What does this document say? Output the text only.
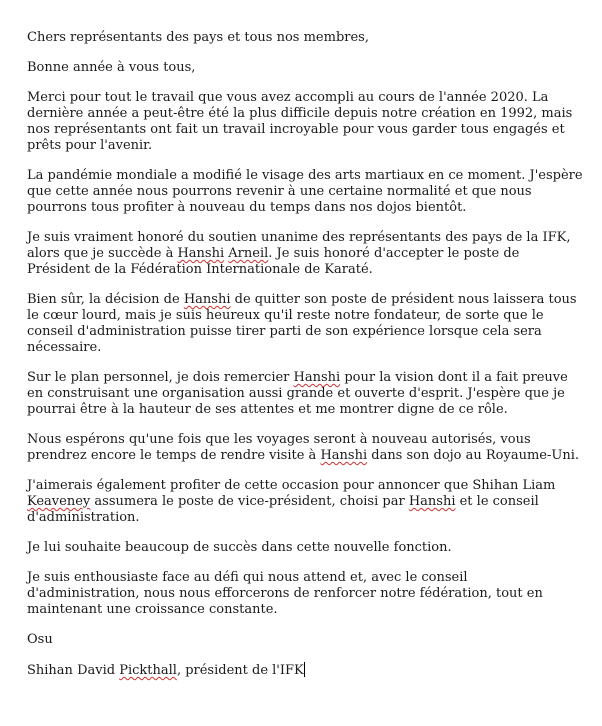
Chers représentants des pays et tous nos membres,

Bonne année à vous tous,

Merci pour tout le travail que vous avez accompli au cours de l'année 2020. La dernière année a peut-être été la plus difficile depuis notre création en 1992, mais nos représentants ont fait un travail incroyable pour vous garder tous engagés et prêts pour l'avenir.

La pandémie mondiale a modifié le visage des arts martiaux en ce moment. J'espère que cette année nous pourrons revenir à une certaine normalité et que nous pourrons tous profiter à nouveau du temps dans nos dojos bientôt.

Je suis vraiment honoré du soutien unanime des représentants des pays de la IFK, alors que je succède à Hanshi Arneil. Je suis honoré d'accepter le poste de Président de la Fédération Internationale de Karaté.

Bien sûr, la décision de Hanshi de quitter son poste de président nous laissera tous le cœur lourd, mais je suis heureux qu'il reste notre fondateur, de sorte que le conseil d'administration puisse tirer parti de son expérience lorsque cela sera nécessaire.

Sur le plan personnel, je dois remercier Hanshi pour la vision dont il a fait preuve en construisant une organisation aussi grande et ouverte d'esprit. J'espère que je pourrai être à la hauteur de ses attentes et me montrer digne de ce rôle.

Nous espérons qu'une fois que les voyages seront à nouveau autorisés, vous prendrez encore le temps de rendre visite à Hanshi dans son dojo au Royaume-Uni.

J'aimerais également profiter de cette occasion pour annoncer que Shihan Liam Keaveney assumera le poste de vice-président, choisi par Hanshi et le conseil d'administration.

Je lui souhaite beaucoup de succès dans cette nouvelle fonction.

Je suis enthousiaste face au défi qui nous attend et, avec le conseil d'administration, nous nous efforcerons de renforcer notre fédération, tout en maintenant une croissance constante.

Osu

Shihan David Pickthall, président de l'IFK
